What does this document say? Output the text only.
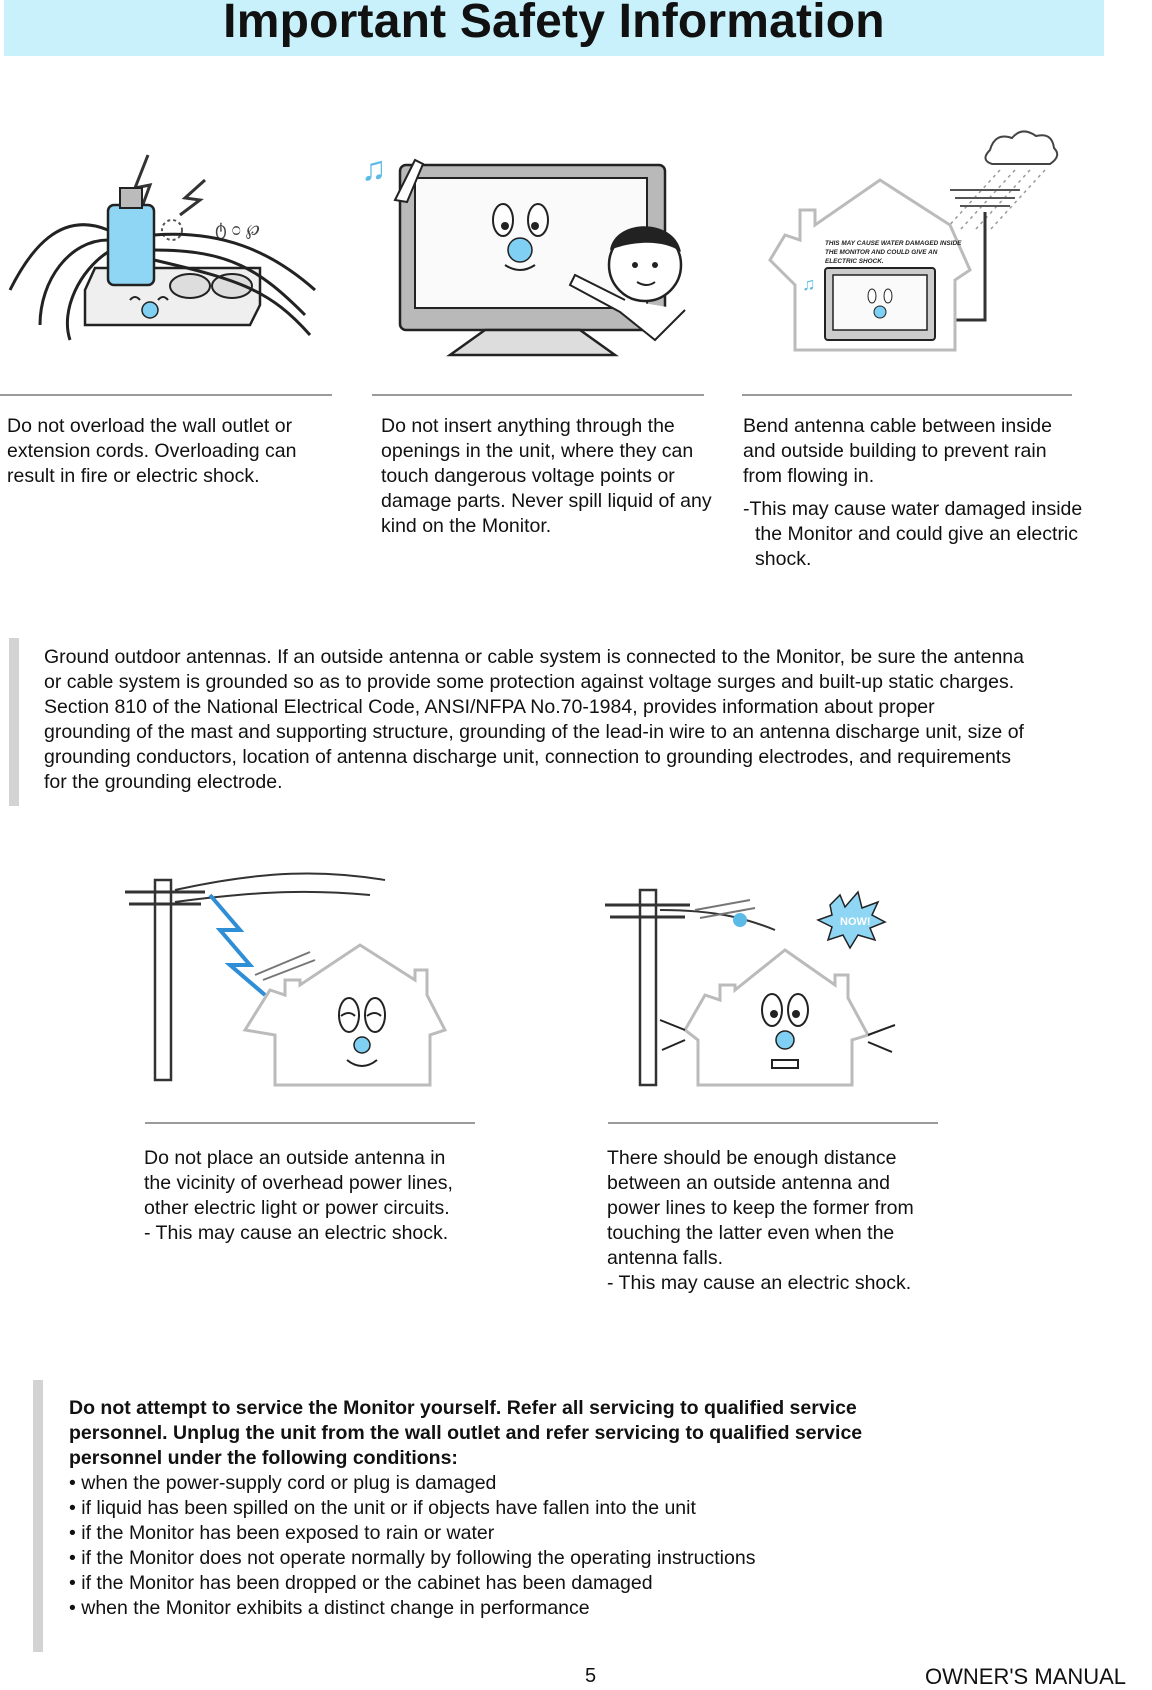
Important Safety Information
ტ ೦ ℘
♫
♫
THIS MAY CAUSE WATER DAMAGED INSIDE THE MONITOR AND COULD GIVE AN ELECTRIC SHOCK.

Do not overload the wall outlet or extension cords. Overloading can result in fire or electric shock.

Do not insert anything through the openings in the unit, where they can touch dangerous voltage points or damage parts. Never spill liquid of any kind on the Monitor.

Bend antenna cable between inside and outside building to prevent rain from flowing in.

-This may cause water damaged inside the Monitor and could give an electric shock.

Ground outdoor antennas. If an outside antenna or cable system is connected to the Monitor, be sure the antenna or cable system is grounded so as to provide some protection against voltage surges and built-up static charges. Section 810 of the National Electrical Code, ANSI/NFPA No.70-1984, provides information about proper grounding of the mast and supporting structure, grounding of the lead-in wire to an antenna discharge unit, size of grounding conductors, location of antenna discharge unit, connection to grounding electrodes, and requirements for the grounding electrode.
NOW!

Do not place an outside antenna in the vicinity of overhead power lines, other electric light or power circuits.

- This may cause an electric shock.

There should be enough distance between an outside antenna and power lines to keep the former from touching the latter even when the antenna falls.

- This may cause an electric shock.

Do not attempt to service the Monitor yourself. Refer all servicing to qualified service personnel. Unplug the unit from the wall outlet and refer servicing to qualified service personnel under the following conditions:
• when the power-supply cord or plug is damaged
• if liquid has been spilled on the unit or if objects have fallen into the unit
• if the Monitor has been exposed to rain or water
• if the Monitor does not operate normally by following the operating instructions
• if the Monitor has been dropped or the cabinet has been damaged
• when the Monitor exhibits a distinct change in performance
5	OWNER'S MANUAL
